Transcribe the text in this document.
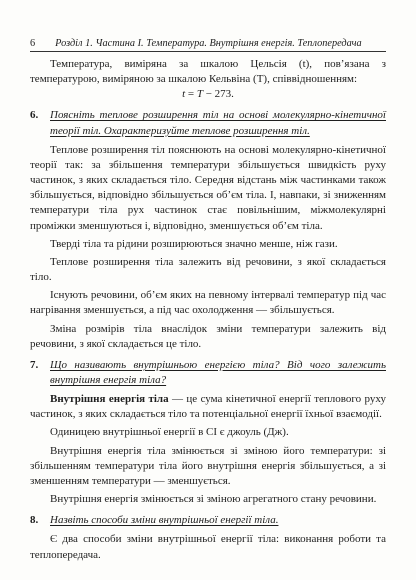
6 Розділ 1. Частина І. Температура. Внутрішня енергія. Теплопередача

Температура, виміряна за шкалою Цельсія (t), пов’язана з температурою, виміряною за шкалою Кельвіна (T), співвідношенням:

t = T − 273.

6.	Поясніть теплове розширення тіл на основі молекулярно-кінетичної теорії тіл. Охарактеризуйте теплове розширення тіл.

Теплове розширення тіл пояснюють на основі молекулярно-кінетичної теорії так: за збільшення температури збільшується швидкість руху частинок, з яких складається тіло. Середня відстань між частинками також збільшується, відповідно збільшується об’єм тіла. І, навпаки, зі зниженням температури тіла рух частинок стає повільнішим, міжмолекулярні проміжки зменшуються і, відповідно, зменшується об’єм тіла.

Тверді тіла та рідини розширюються значно менше, ніж гази.

Теплове розширення тіла залежить від речовини, з якої складається тіло.

Існують речовини, об’єм яких на певному інтервалі температур під час нагрівання зменшується, а під час охолодження — збільшується.

Зміна розмірів тіла внаслідок зміни температури залежить від речовини, з якої складається це тіло.

7.	Що називають внутрішньою енергією тіла? Від чого залежить внутрішня енергія тіла?

Внутрішня енергія тіла — це сума кінетичної енергії теплового руху частинок, з яких складається тіло та потенціальної енергії їхньої взаємодії.

Одиницею внутрішньої енергії в СІ є джоуль (Дж).

Внутрішня енергія тіла змінюється зі зміною його температури: зі збільшенням температури тіла його внутрішня енергія збільшується, а зі зменшенням температури — зменшується.

Внутрішня енергія змінюється зі зміною агрегатного стану речовини.

8.	Назвіть способи зміни внутрішньої енергії тіла.

Є два способи зміни внутрішньої енергії тіла: виконання роботи та теплопередача.
